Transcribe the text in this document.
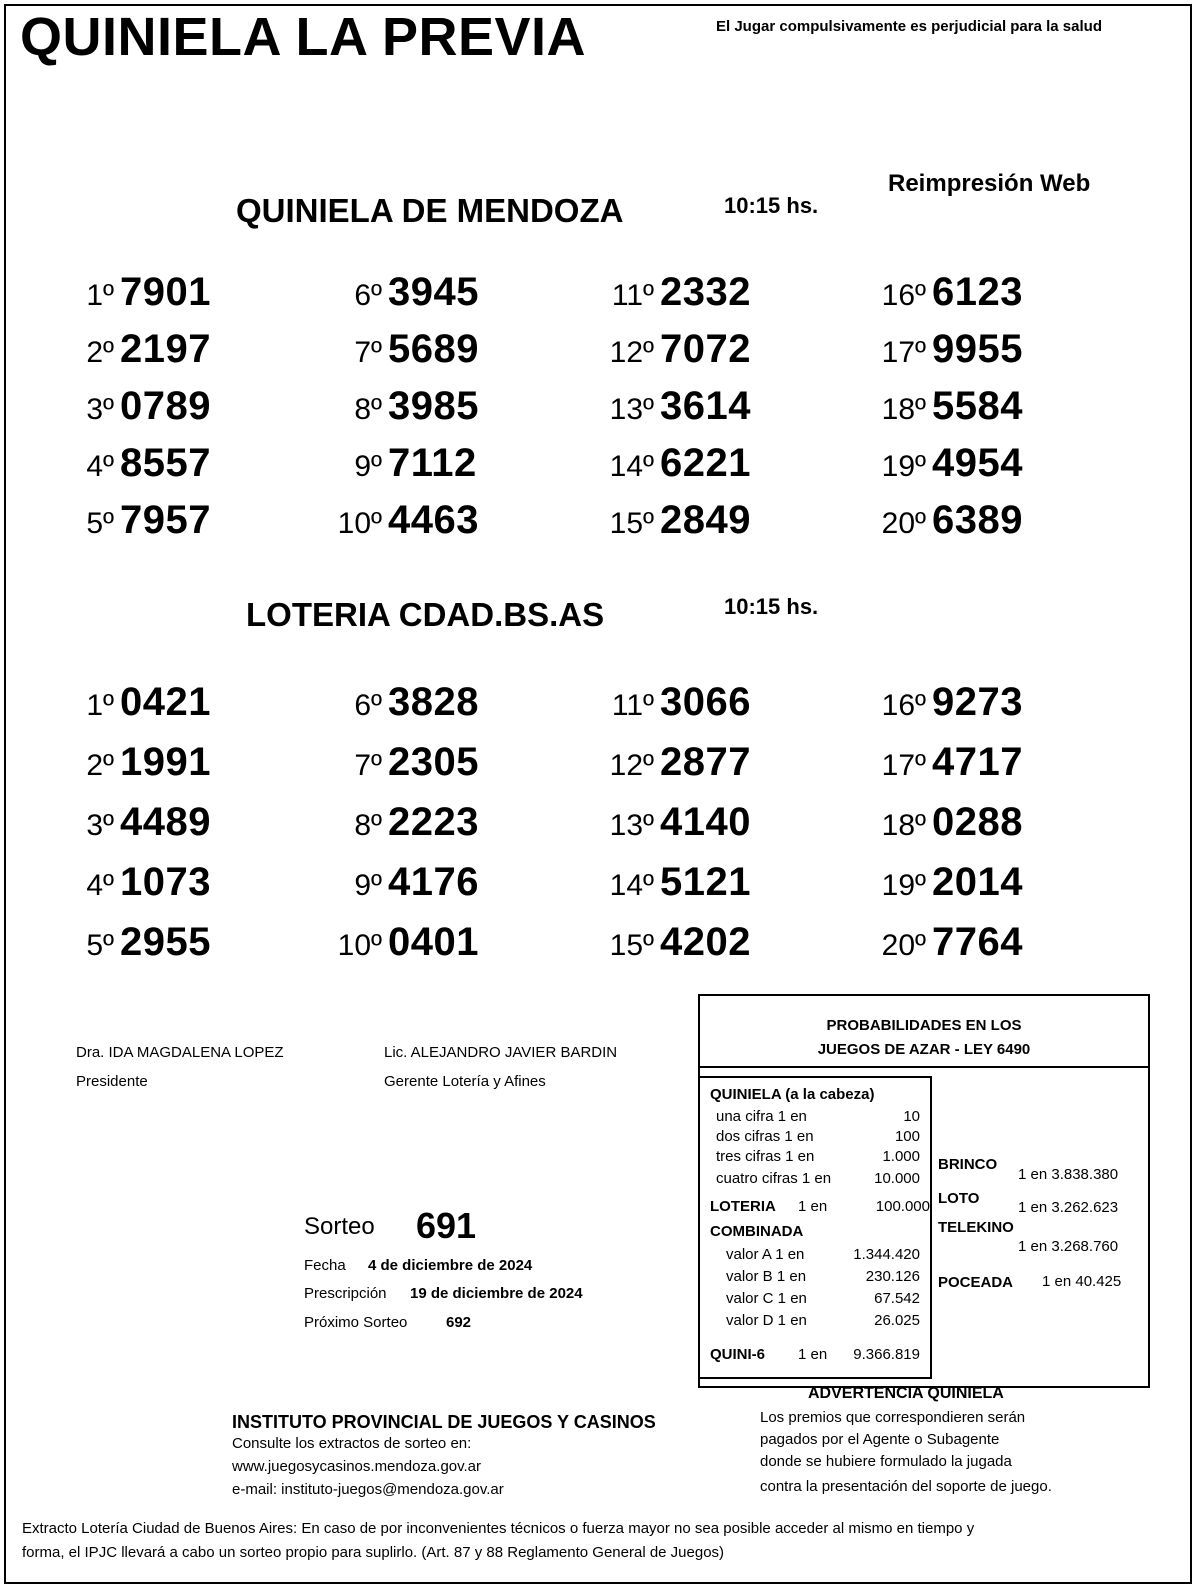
QUINIELA LA PREVIA	El Jugar compulsivamente es perjudicial para la salud
Reimpresión Web
QUINIELA DE MENDOZA	10:15 hs.
1º 7901
2º 2197
3º 0789
4º 8557
5º 7957
6º 3945
7º 5689
8º 3985
9º 7112
10º 4463
11º 2332
12º 7072
13º 3614
14º 6221
15º 2849
16º 6123
17º 9955
18º 5584
19º 4954
20º 6389
LOTERIA CDAD.BS.AS	10:15 hs.
1º 0421
2º 1991
3º 4489
4º 1073
5º 2955
6º 3828
7º 2305
8º 2223
9º 4176
10º 0401
11º 3066
12º 2877
13º 4140
14º 5121
15º 4202
16º 9273
17º 4717
18º 0288
19º 2014
20º 7764
Dra. IDA MAGDALENA LOPEZ
Presidente
Lic. ALEJANDRO JAVIER BARDIN
Gerente Lotería y Afines
Sorteo 691
Fecha 4 de diciembre de 2024
Prescripción 19 de diciembre de 2024
Próximo Sorteo	692
PROBABILIDADES EN LOS
JUEGOS DE AZAR - LEY 6490
QUINIELA (a la cabeza)
una cifra 1 en	10
dos cifras 1 en	100
tres cifras 1 en	1.000
cuatro cifras 1 en	10.000
LOTERIA 1 en	100.000
COMBINADA
valor A 1 en	1.344.420
valor B 1 en	230.126
valor C 1 en	67.542
valor D 1 en	26.025
QUINI-6 1 en	9.366.819
BRINCO
1 en 3.838.380
LOTO
1 en 3.262.623
TELEKINO
1 en 3.268.760
POCEADA 1 en 40.425
ADVERTENCIA QUINIELA
Los premios que correspondieren serán
pagados por el Agente o Subagente
donde se hubiere formulado la jugada
contra la presentación del soporte de juego.
INSTITUTO PROVINCIAL DE JUEGOS Y CASINOS
Consulte los extractos de sorteo en:
www.juegosycasinos.mendoza.gov.ar
e-mail: instituto-juegos@mendoza.gov.ar
Extracto Lotería Ciudad de Buenos Aires: En caso de por inconvenientes técnicos o fuerza mayor no sea posible acceder al mismo en tiempo y
forma, el IPJC llevará a cabo un sorteo propio para suplirlo. (Art. 87 y 88 Reglamento General de Juegos)
